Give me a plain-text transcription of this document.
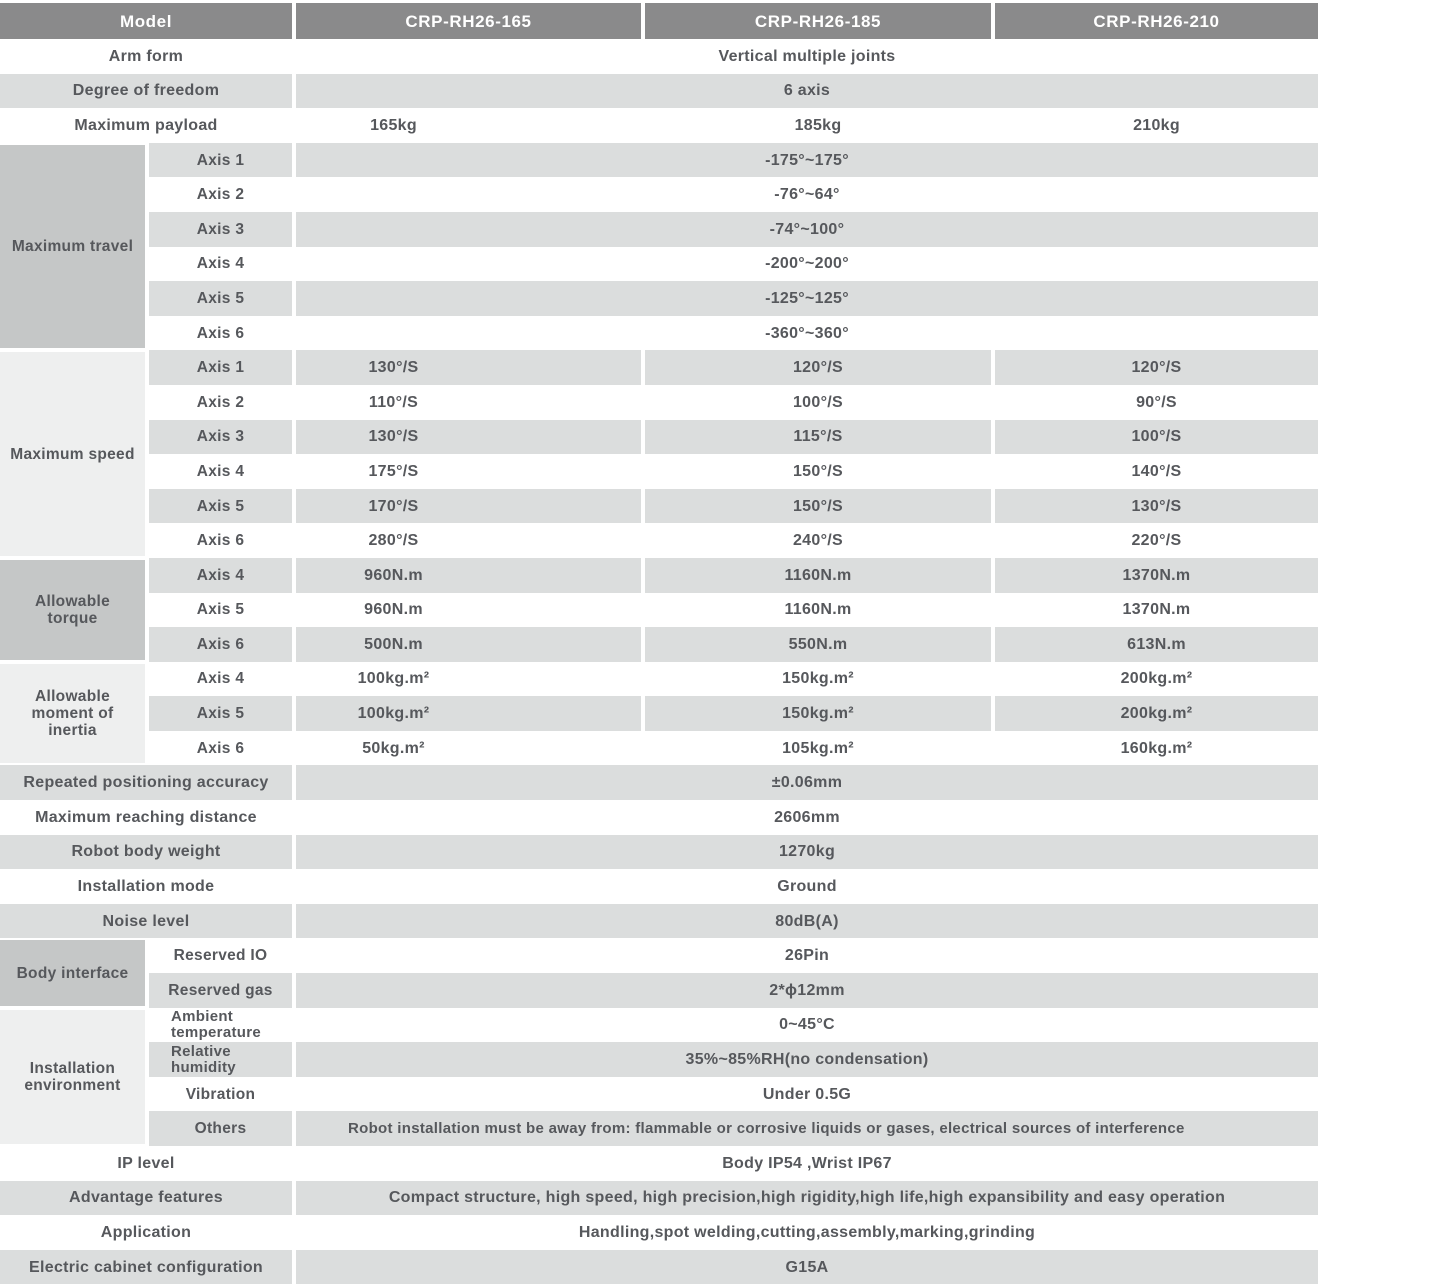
Model	CRP-RH26-165	CRP-RH26-185	CRP-RH26-210
Arm form	Vertical multiple joints
Degree of freedom	6 axis
Maximum payload	165kg	185kg	210kg
Maximum travel
Axis 1	-175°~175°
Axis 2	-76°~64°
Axis 3	-74°~100°
Axis 4	-200°~200°
Axis 5	-125°~125°
Axis 6	-360°~360°
Maximum speed
Axis 1	130°/S	120°/S	120°/S
Axis 2	110°/S	100°/S	90°/S
Axis 3	130°/S	115°/S	100°/S
Axis 4	175°/S	150°/S	140°/S
Axis 5	170°/S	150°/S	130°/S
Axis 6	280°/S	240°/S	220°/S
Allowable torque
Axis 4	960N.m	1160N.m	1370N.m
Axis 5	960N.m	1160N.m	1370N.m
Axis 6	500N.m	550N.m	613N.m
Allowable moment of inertia
Axis 4	100kg.m²	150kg.m²	200kg.m²
Axis 5	100kg.m²	150kg.m²	200kg.m²
Axis 6	50kg.m²	105kg.m²	160kg.m²
Repeated positioning accuracy	±0.06mm
Maximum reaching distance	2606mm
Robot body weight	1270kg
Installation mode	Ground
Noise level	80dB(A)
Body interface
Reserved IO	26Pin
Reserved gas	2*ϕ12mm
Installation environment
Ambient temperature	0~45°C
Relative humidity	35%~85%RH(no condensation)
Vibration	Under 0.5G
Others	Robot installation must be away from: flammable or corrosive liquids or gases, electrical sources of interference
IP level	Body IP54 ,Wrist IP67
Advantage features	Compact structure, high speed, high precision,high rigidity,high life,high expansibility and easy operation
Application	Handling,spot welding,cutting,assembly,marking,grinding
Electric cabinet configuration	G15A
